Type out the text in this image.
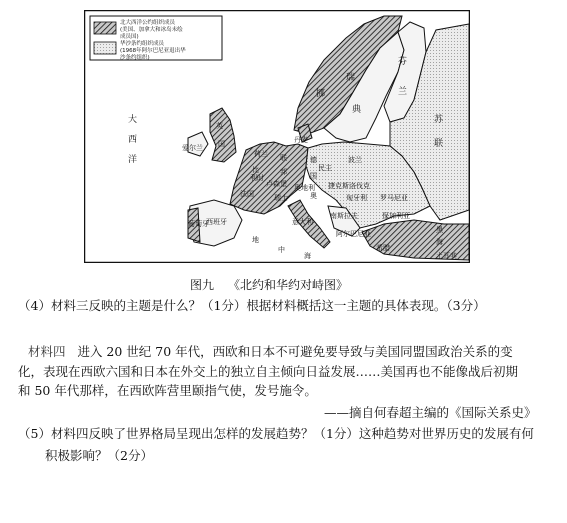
北大西洋公约组织成员
(美国、加拿大和冰岛未绘
成员国)
华沙条约组织成员
(1968年阿尔巴尼亚退出华
沙条约组织)
大
西
洋
挪
瑞
芬
典
兰
苏
联
丹麦
英
国
爱尔兰
荷兰
比
利时
法国
联
邦
卢森堡
德
民主
国
波兰
捷克斯洛伐克
匈牙利 罗马尼亚
保加利亚
南斯拉夫
阿尔巴尼亚
意大利
葡萄牙
西班牙
奥
希腊
黑
海
土耳其
瑞士
奥地利
地
中
海
图九 《北约和华约对峙图》
（4）材料三反映的主题是什么？（1分）根据材料概括这一主题的具体表现。（3分）
材料四 进入 20 世纪 70 年代，西欧和日本不可避免要导致与美国同盟国政治关系的变
化，表现在西欧六国和日本在外交上的独立自主倾向日益发展……美国再也不能像战后初期
和 50 年代那样，在西欧阵营里颐指气使，发号施令。
——摘自何春超主编的《国际关系史》
（5）材料四反映了世界格局呈现出怎样的发展趋势？（1分）这种趋势对世界历史的发展有何
积极影响？（2分）
